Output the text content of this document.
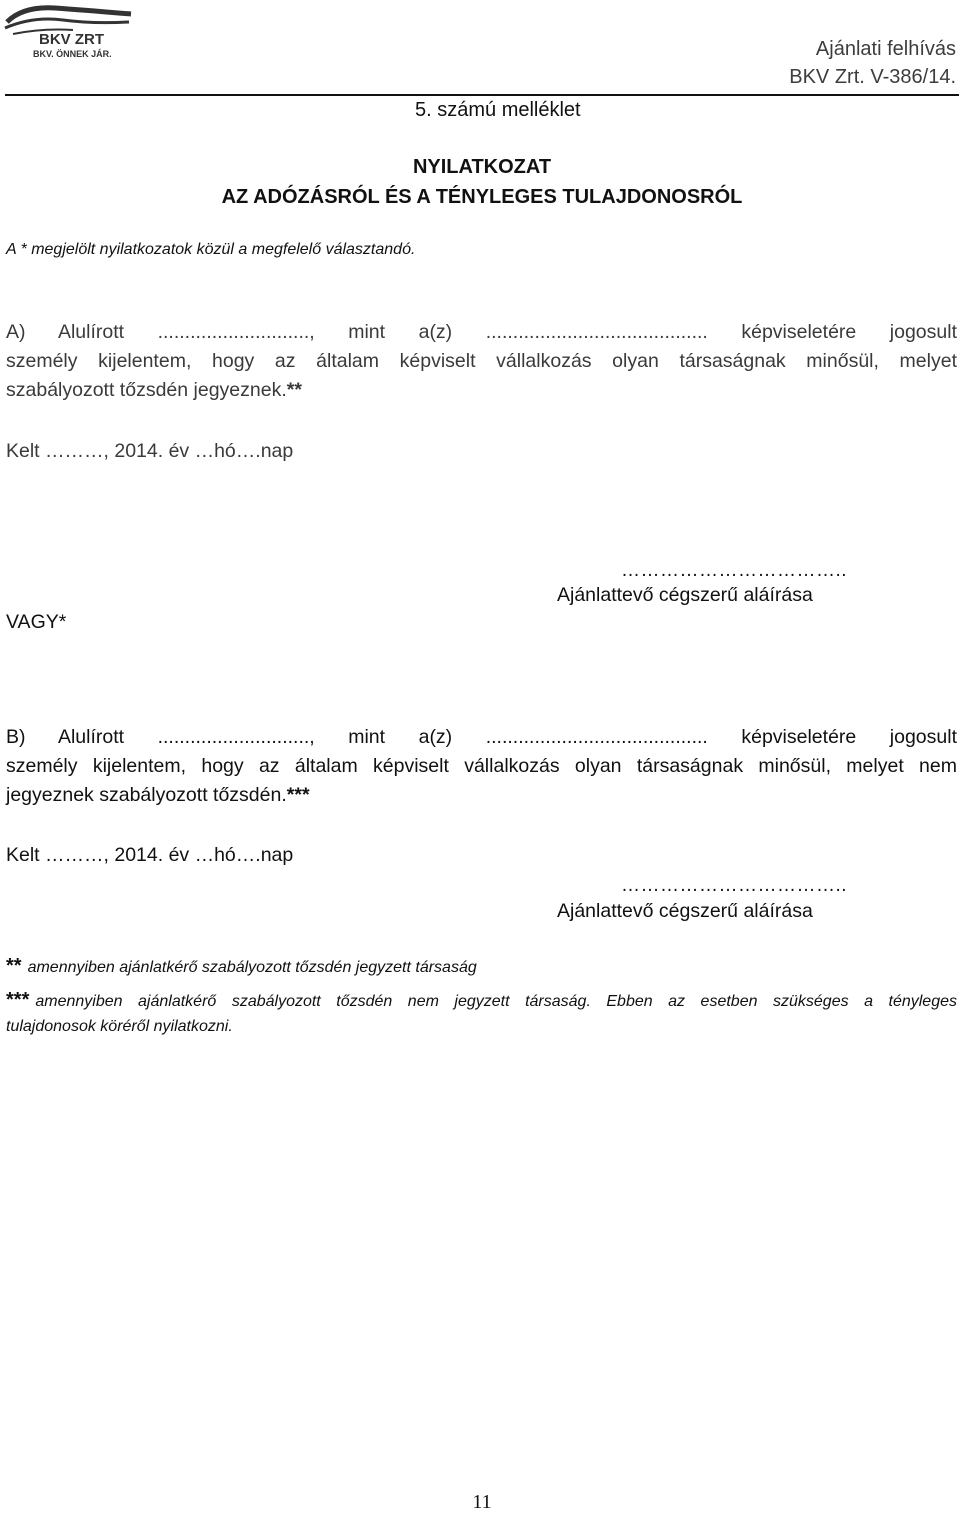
BKV ZRT
BKV. ÖNNEK JÁR.	Ajánlati felhívás
BKV Zrt. V-386/14.
5. számú melléklet
NYILATKOZAT
AZ ADÓZÁSRÓL ÉS A TÉNYLEGES TULAJDONOSRÓL
A * megjelölt nyilatkozatok közül a megfelelő választandó.
A) Alulírott ............................, mint a(z) ......................................... képviseletére jogosult
személy kijelentem, hogy az általam képviselt vállalkozás olyan társaságnak minősül, melyet
szabályozott tőzsdén jegyeznek.**
Kelt ………, 2014. év …hó….nap
……………………………..
Ajánlattevő cégszerű aláírása
VAGY*
B) Alulírott ............................, mint a(z) ......................................... képviseletére jogosult
személy kijelentem, hogy az általam képviselt vállalkozás olyan társaságnak minősül, melyet nem
jegyeznek szabályozott tőzsdén.***
Kelt ………, 2014. év …hó….nap
……………………………..
Ajánlattevő cégszerű aláírása
** amennyiben ajánlatkérő szabályozott tőzsdén jegyzett társaság
*** amennyiben ajánlatkérő szabályozott tőzsdén nem jegyzett társaság. Ebben az esetben szükséges a tényleges
tulajdonosok köréről nyilatkozni.
11
